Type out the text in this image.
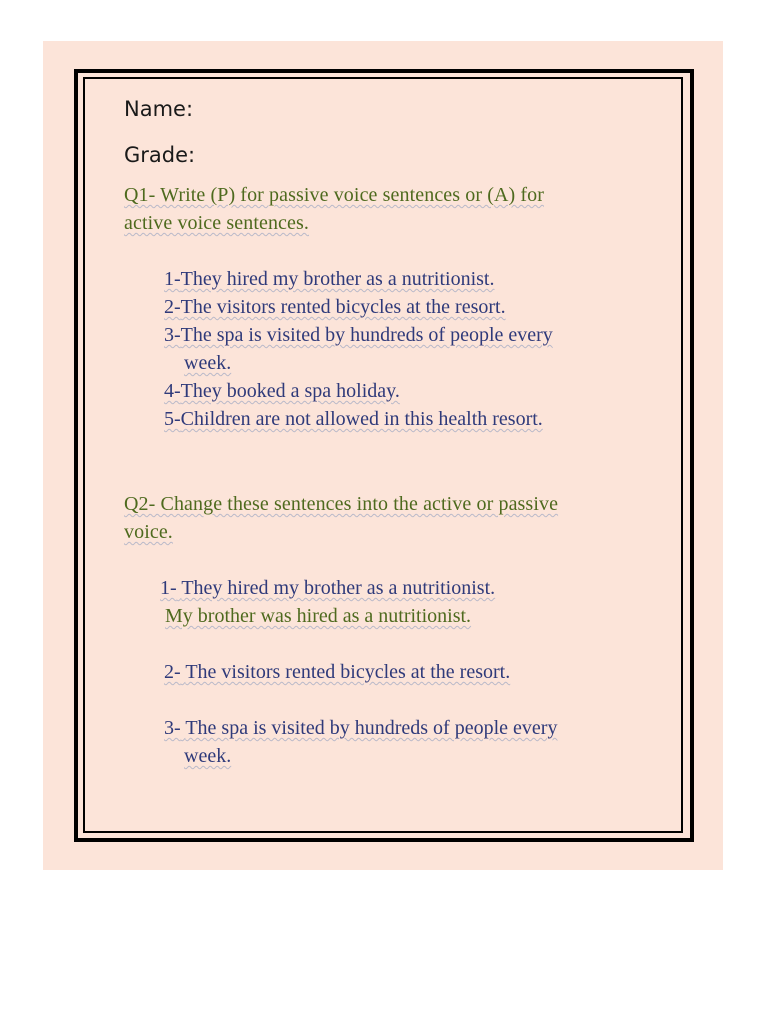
Name:
Grade:
Q1- Write (P) for passive voice sentences or (A) for
active voice sentences.
1-They hired my brother as a nutritionist.
2-The visitors rented bicycles at the resort.
3-The spa is visited by hundreds of people every
week.
4-They booked a spa holiday.
5-Children are not allowed in this health resort.
Q2- Change these sentences into the active or passive
voice.
1- They hired my brother as a nutritionist.
My brother was hired as a nutritionist.
2- The visitors rented bicycles at the resort.
3- The spa is visited by hundreds of people every
week.
